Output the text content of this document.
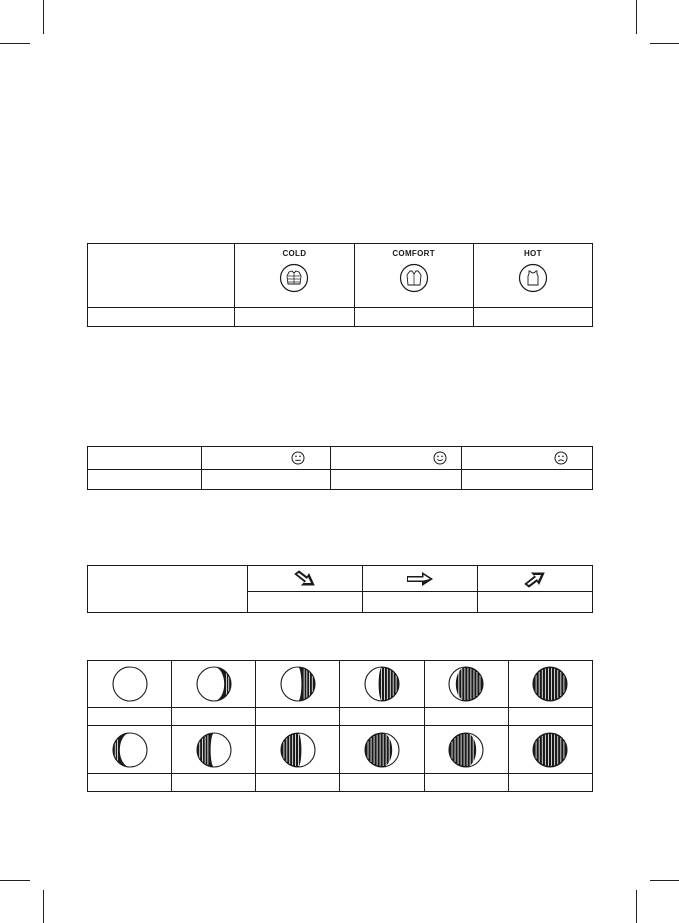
	COLD	COMFORT	HOT
